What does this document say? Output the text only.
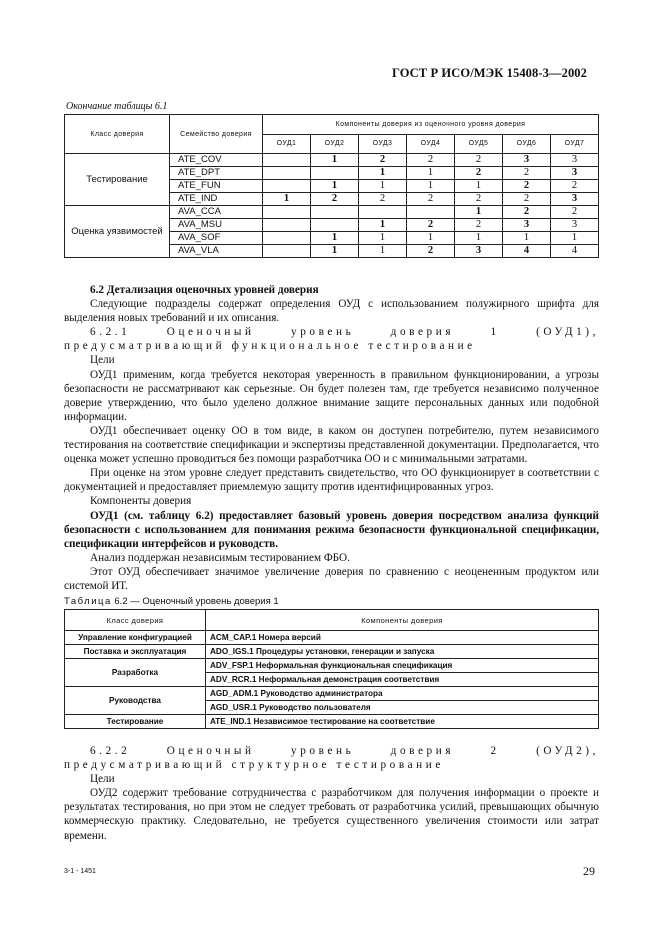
ГОСТ Р ИСО/МЭК 15408-3—2002
Окончание таблицы 6.1
Класс доверия	Семейство доверия	Компоненты доверия из оценочного уровня доверия						
		ОУД1	ОУД2	ОУД3	ОУД4	ОУД5	ОУД6	ОУД7
Тестирование	ATE_COV		1	2	2	2	3	3
	ATE_DPT			1	1	2	2	3
	ATE_FUN		1	1	1	1	2	2
	ATE_IND	1	2	2	2	2	2	3
Оценка уязвимостей	AVA_CCA					1	2	2
	AVA_MSU			1	2	2	3	3
	AVA_SOF		1	1	1	1	1	1
	AVA_VLA		1	1	2	3	4	4
6.2 Детализация оценочных уровней доверия

Следующие подразделы содержат определения ОУД с использованием полужирного шрифта для выделения новых требований и их описания.

6.2.1 Оценочный уровень доверия 1 (ОУД1), предусматривающий функциональное тестирование

Цели

ОУД1 применим, когда требуется некоторая уверенность в правильном функционировании, а угрозы безопасности не рассматривают как серьезные. Он будет полезен там, где требуется независимо полученное доверие утверждению, что было уделено должное внимание защите персональных данных или подобной информации.

ОУД1 обеспечивает оценку ОО в том виде, в каком он доступен потребителю, путем независимого тестирования на соответствие спецификации и экспертизы представленной документации. Предполагается, что оценка может успешно проводиться без помощи разработчика ОО и с минимальными затратами.

При оценке на этом уровне следует представить свидетельство, что ОО функционирует в соответствии с документацией и предоставляет приемлемую защиту против идентифицированных угроз.

Компоненты доверия

ОУД1 (см. таблицу 6.2) предоставляет базовый уровень доверия посредством анализа функций безопасности с использованием для понимания режима безопасности функциональной спецификации, спецификации интерфейсов и руководств.

Анализ поддержан независимым тестированием ФБО.

Этот ОУД обеспечивает значимое увеличение доверия по сравнению с неоцененным продуктом или системой ИТ.

Таблица 6.2 — Оценочный уровень доверия 1
Класс доверия	Компоненты доверия
Управление конфигурацией	ACM_CAP.1 Номера версий
Поставка и эксплуатация	ADO_IGS.1 Процедуры установки, генерации и запуска
Разработка	ADV_FSP.1 Неформальная функциональная спецификация
	ADV_RCR.1 Неформальная демонстрация соответствия
Руководства	AGD_ADM.1 Руководство администратора
	AGD_USR.1 Руководство пользователя
Тестирование	ATE_IND.1 Независимое тестирование на соответствие

6.2.2 Оценочный уровень доверия 2 (ОУД2), предусматривающий структурное тестирование

Цели

ОУД2 содержит требование сотрудничества с разработчиком для получения информации о проекте и результатах тестирования, но при этом не следует требовать от разработчика усилий, превышающих обычную коммерческую практику. Следовательно, не требуется существенного увеличения стоимости или затрат времени.

3-1 - 1451	29
